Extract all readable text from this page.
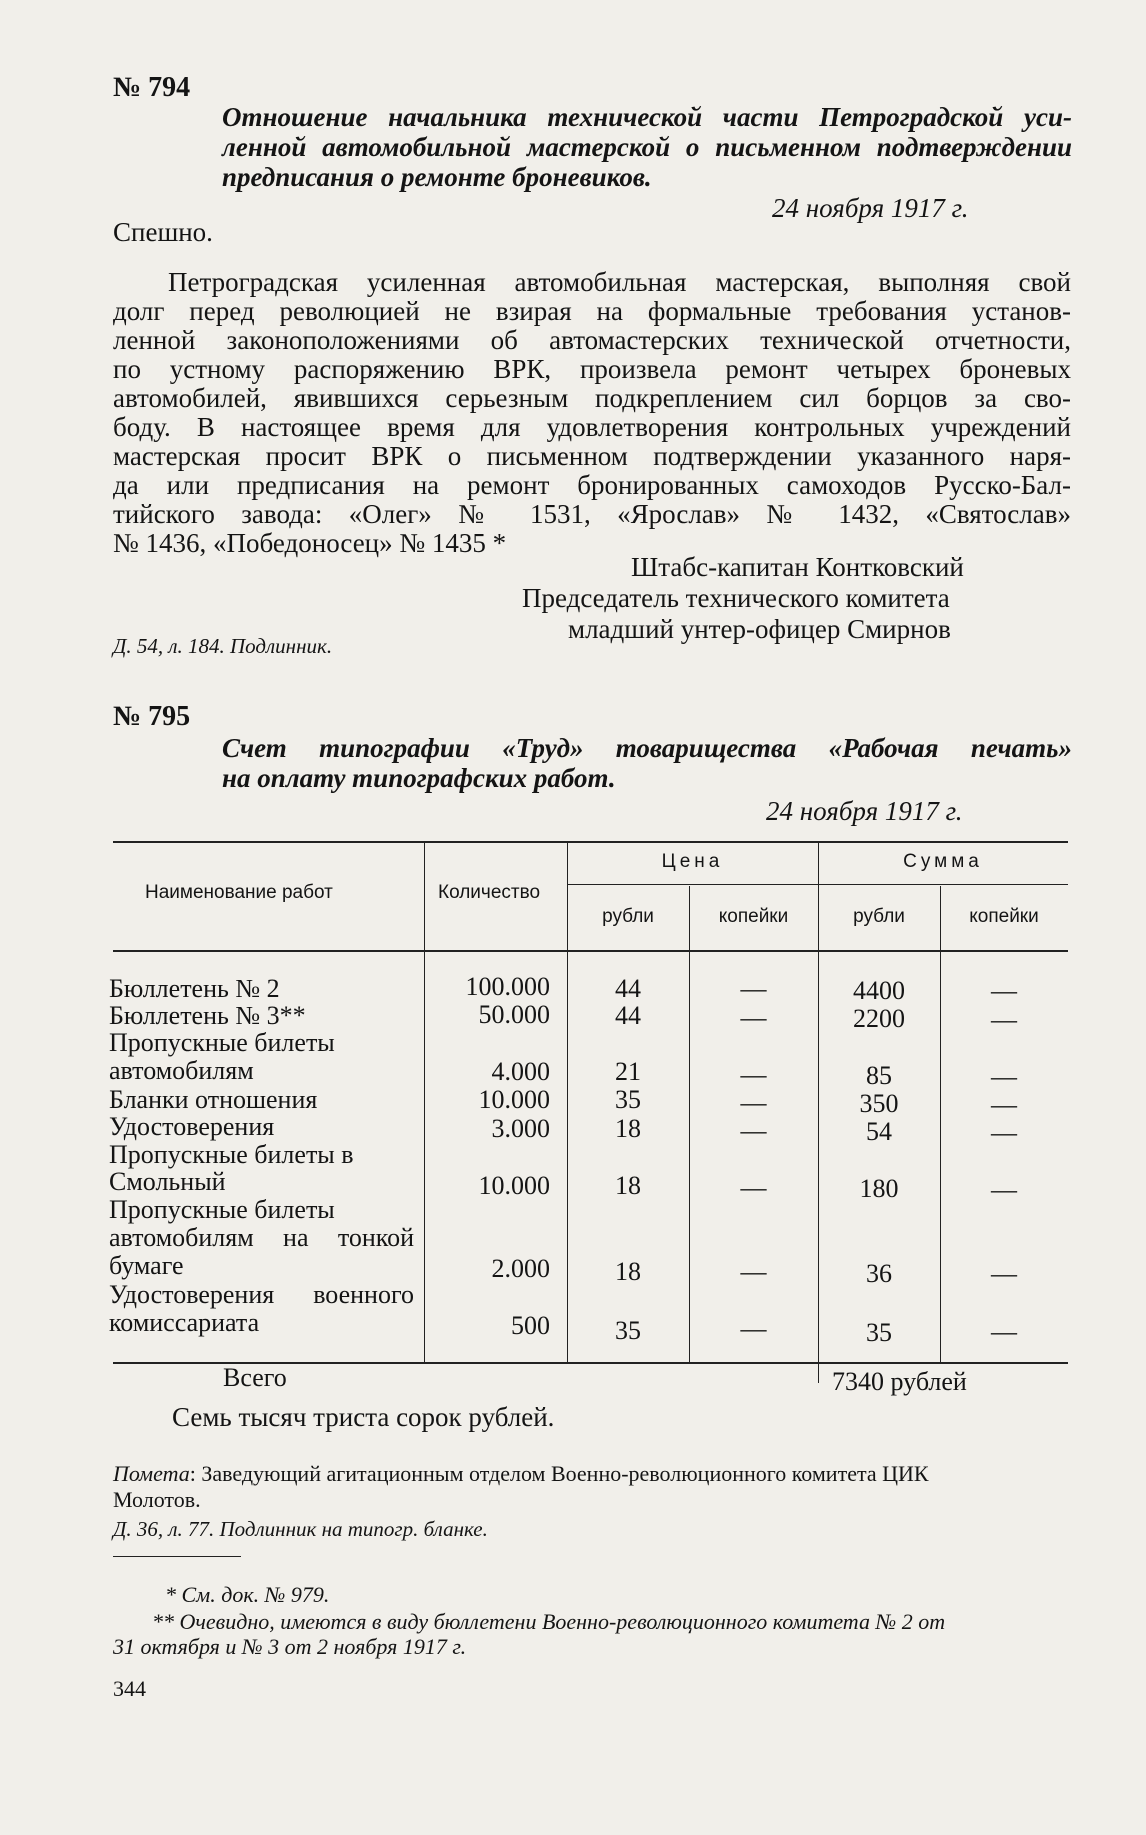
№ 794
Отношение начальника технической части Петроградской уси-
ленной автомобильной мастерской о письменном подтверждении
предписания о ремонте броневиков.
24 ноября 1917 г.
Спешно.
Петроградская усиленная автомобильная мастерская, выполняя свой
долг перед революцией не взирая на формальные требования установ-
ленной законоположениями об автомастерских технической отчетности,
по устному распоряжению ВРК, произвела ремонт четырех броневых
автомобилей, явившихся серьезным подкреплением сил борцов за сво-
боду. В настоящее время для удовлетворения контрольных учреждений
мастерская просит ВРК о письменном подтверждении указанного наря-
да или предписания на ремонт бронированных самоходов Русско-Бал-
тийского завода: «Олег» № 1531, «Ярослав» № 1432, «Святослав»
№ 1436, «Победоносец» № 1435 *
Штабс-капитан Контковский
Председатель технического комитета
младший унтер-офицер Смирнов
Д. 54, л. 184. Подлинник.
№ 795
Счет типографии «Труд» товарищества «Рабочая печать»
на оплату типографских работ.
24 ноября 1917 г.
Наименование работ	Количество
Цена	Сумма
рубли	копейки	рубли	копейки
Бюллетень № 2	100.000	44	—	4400	—
Бюллетень № 3**	50.000	44	—	2200	—
Пропускные билеты
автомобилям	4.000	21	—	85	—
Бланки отношения	10.000	35	—	350	—
Удостоверения	3.000	18	—	54	—
Пропускные билеты в
Смольный	10.000	18	—	180	—
Пропускные билеты
автомобилям на тонкой
бумаге	2.000	18	—	36	—
Удостоверения военного
комиссариата	500	35	—	35	—
Всего	7340 рублей
Семь тысяч триста сорок рублей.
Помета: Заведующий агитационным отделом Военно-революционного комитета ЦИК
Молотов.
Д. 36, л. 77. Подлинник на типогр. бланке.
* См. док. № 979.
** Очевидно, имеются в виду бюллетени Военно-революционного комитета № 2 от
31 октября и № 3 от 2 ноября 1917 г.
344
